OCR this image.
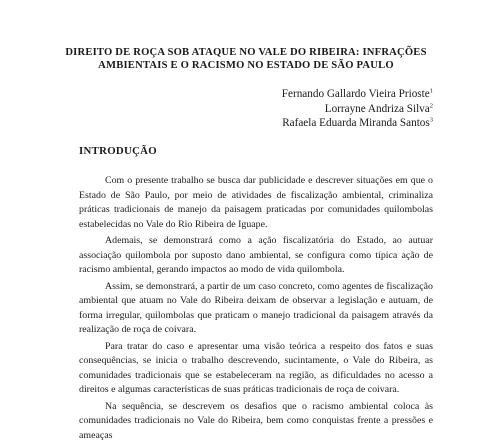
DIREITO DE ROÇA SOB ATAQUE NO VALE DO RIBEIRA: INFRAÇÕES
AMBIENTAIS E O RACISMO NO ESTADO DE SÃO PAULO
Fernando Gallardo Vieira Prioste$^1$
Lorrayne Andriza Silva$^2$
Rafaela Eduarda Miranda Santos$^3$
INTRODUÇÃO

Com o presente trabalho se busca dar publicidade e descrever situações em que o Estado de São Paulo, por meio de atividades de fiscalização ambiental, criminaliza práticas tradicionais de manejo da paisagem praticadas por comunidades quilombolas estabelecidas no Vale do Rio Ribeira de Iguape.

Ademais, se demonstrará como a ação fiscalizatória do Estado, ao autuar associação quilombola por suposto dano ambiental, se configura como típica ação de racismo ambiental, gerando impactos ao modo de vida quilombola.

Assim, se demonstrará, a partir de um caso concreto, como agentes de fiscalização ambiental que atuam no Vale do Ribeira deixam de observar a legislação e autuam, de forma irregular, quilombolas que praticam o manejo tradicional da paisagem através da realização de roça de coivara.

Para tratar do caso e apresentar uma visão teórica a respeito dos fatos e suas consequências, se inicia o trabalho descrevendo, sucintamente, o Vale do Ribeira, as comunidades tradicionais que se estabeleceram na região, as dificuldades no acesso a direitos e algumas características de suas práticas tradicionais de roça de coivara.

Na sequência, se descrevem os desafios que o racismo ambiental coloca às comunidades tradicionais no Vale do Ribeira, bem como conquistas frente a pressões e ameaças
